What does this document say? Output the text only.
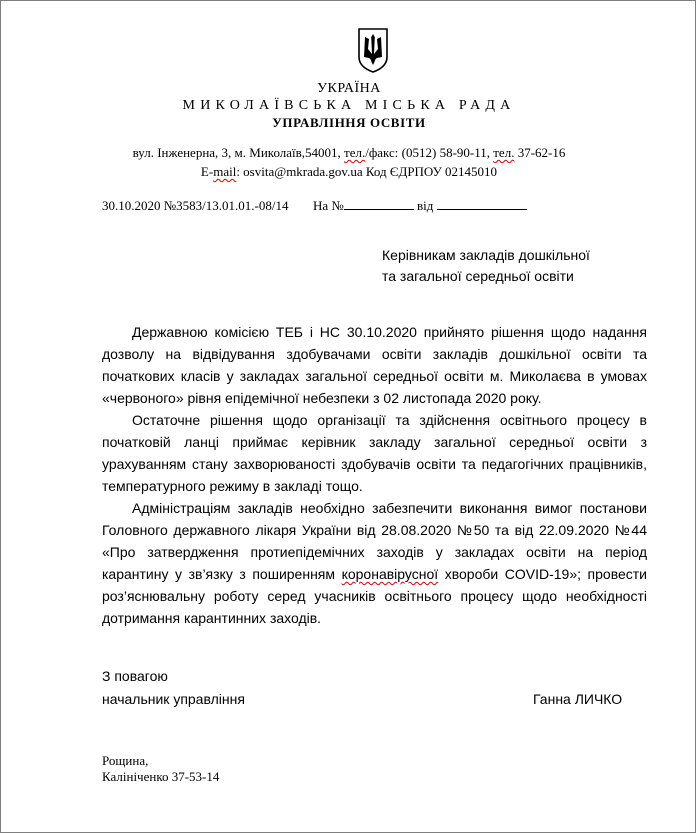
УКРАЇНА
МИКОЛАЇВСЬКА МІСЬКА РАДА
УПРАВЛІННЯ ОСВІТИ
вул. Інженерна, 3, м. Миколаїв,54001, тел./факс: (0512) 58-90-11, тел. 37-62-16
E-mail: osvita@mkrada.gov.ua Код ЄДРПОУ 02145010
30.10.2020 №3583/13.01.01.-08/14 На №	від
Керівникам закладів дошкільної
та загальної середньої освіти

Державною комісією ТЕБ і НС 30.10.2020 прийнято рішення щодо надання дозволу на відвідування здобувачами освіти закладів дошкільної освіти та початкових класів у закладах загальної середньої освіти м. Миколаєва в умовах «червоного» рівня епідемічної небезпеки з 02 листопада 2020 року.

Остаточне рішення щодо організації та здійснення освітнього процесу в початковій ланці приймає керівник закладу загальної середньої освіти з урахуванням стану захворюваності здобувачів освіти та педагогічних працівників, температурного режиму в закладі тощо.

Адміністраціям закладів необхідно забезпечити виконання вимог постанови Головного державного лікаря України від 28.08.2020 №50 та від 22.09.2020 №44 «Про затвердження протиепідемічних заходів у закладах освіти на період карантину у зв’язку з поширенням коронавірусної хвороби COVID-19»; провести роз’яснювальну роботу серед учасників освітнього процесу щодо необхідності дотримання карантинних заходів.

З повагою
начальник управління	Ганна ЛИЧКО
Рощина,
Калініченко 37-53-14
